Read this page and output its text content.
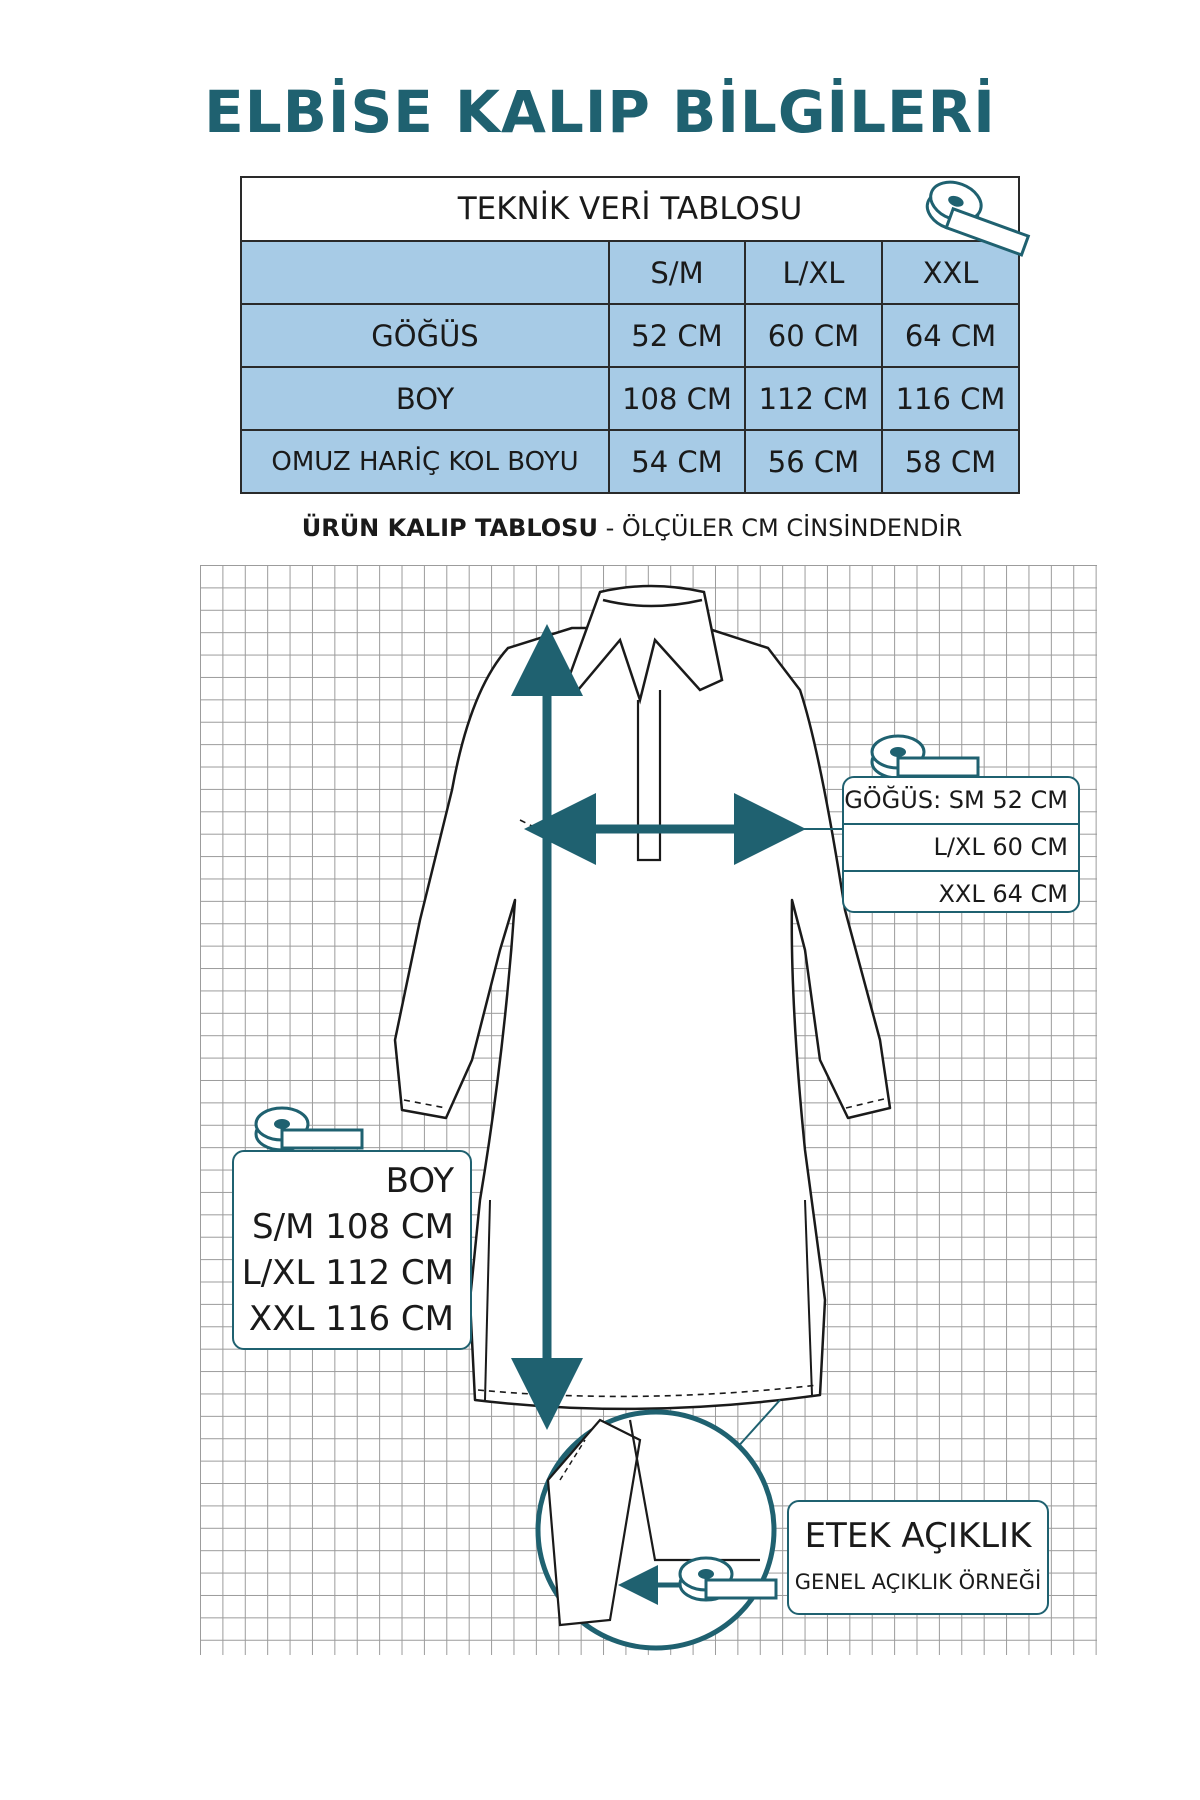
ELBİSE KALIP BİLGİLERİ
TEKNİK VERİ TABLOSU			
	S/M	L/XL	XXL
GÖĞÜS	52 CM	60 CM	64 CM
BOY	108 CM	112 CM	116 CM
OMUZ HARİÇ KOL BOYU	54 CM	56 CM	58 CM
ÜRÜN KALIP TABLOSU - ÖLÇÜLER CM CİNSİNDENDİR
GÖĞÜS: SM 52 CM
L/XL 60 CM
XXL 64 CM
BOY
S/M 108 CM
L/XL 112 CM
XXL 116 CM
ETEK AÇIKLIK
GENEL AÇIKLIK ÖRNEĞİ
